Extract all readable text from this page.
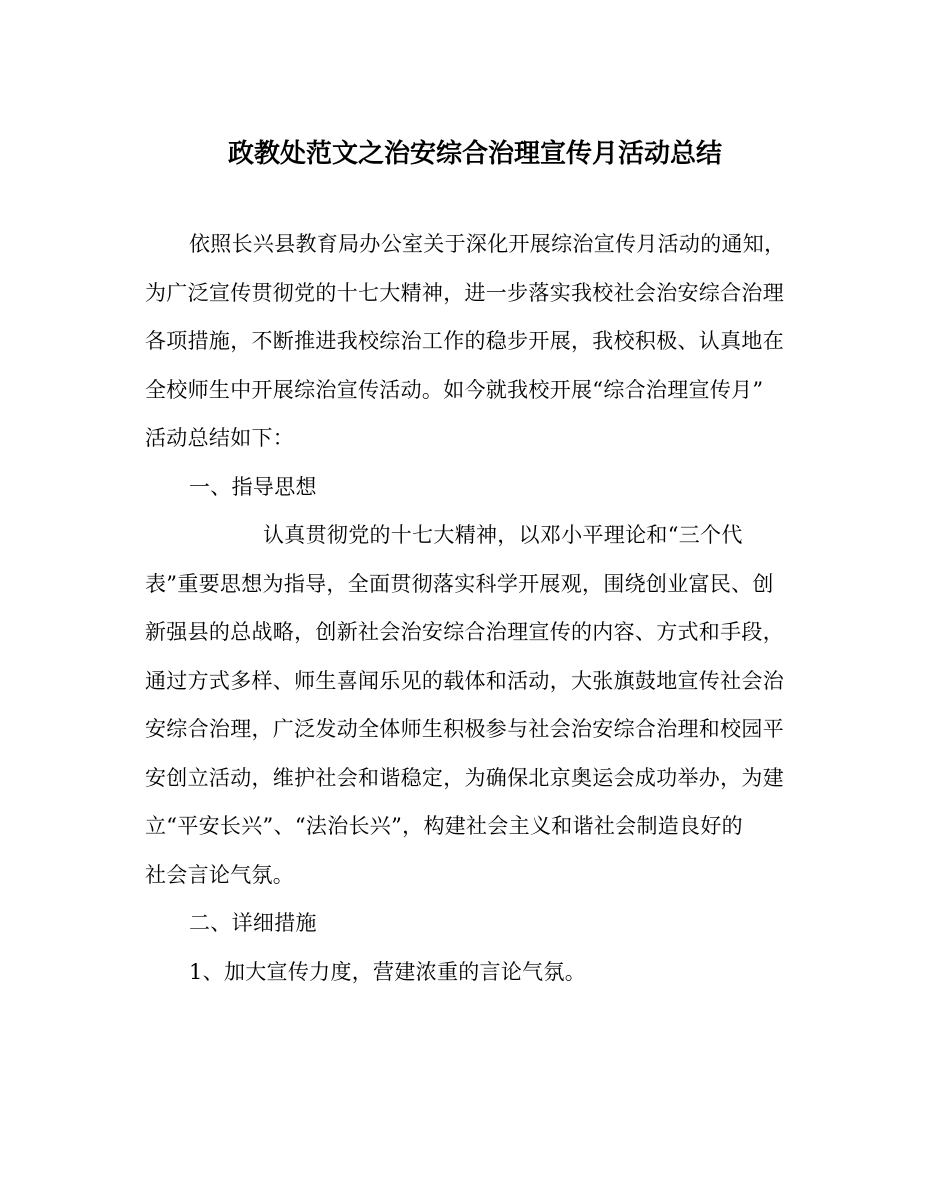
政教处范文之治安综合治理宣传月活动总结

依照长兴县教育局办公室关于深化开展综治宣传月活动的通知，
为广泛宣传贯彻党的十七大精神，进一步落实我校社会治安综合治理
各项措施，不断推进我校综治工作的稳步开展，我校积极、认真地在
全校师生中开展综治宣传活动。如今就我校开展“综合治理宣传月”
活动总结如下：

一、指导思想

认真贯彻党的十七大精神，以邓小平理论和“三个代
表”重要思想为指导，全面贯彻落实科学开展观，围绕创业富民、创
新强县的总战略，创新社会治安综合治理宣传的内容、方式和手段，
通过方式多样、师生喜闻乐见的载体和活动，大张旗鼓地宣传社会治
安综合治理，广泛发动全体师生积极参与社会治安综合治理和校园平
安创立活动，维护社会和谐稳定，为确保北京奥运会成功举办，为建
立“平安长兴”、“法治长兴”，构建社会主义和谐社会制造良好的
社会言论气氛。

二、详细措施

1、加大宣传力度，营建浓重的言论气氛。
